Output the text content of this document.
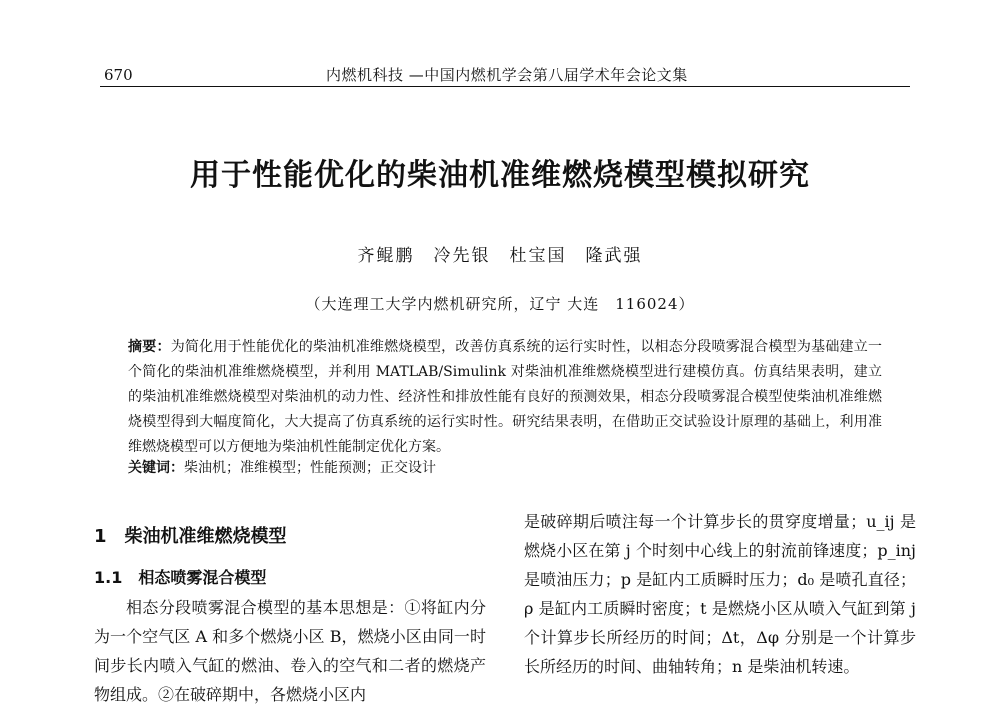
670	内燃机科技 —中国内燃机学会第八届学术年会论文集
用于性能优化的柴油机准维燃烧模型模拟研究
齐鲲鹏　冷先银　杜宝国　隆武强
（大连理工大学内燃机研究所，辽宁 大连　116024）
摘要：为简化用于性能优化的柴油机准维燃烧模型，改善仿真系统的运行实时性，以相态分段喷雾混合模型为基础建立一个简化的柴油机准维燃烧模型，并利用 MATLAB/Simulink 对柴油机准维燃烧模型进行建模仿真。仿真结果表明，建立的柴油机准维燃烧模型对柴油机的动力性、经济性和排放性能有良好的预测效果，相态分段喷雾混合模型使柴油机准维燃烧模型得到大幅度简化，大大提高了仿真系统的运行实时性。研究结果表明，在借助正交试验设计原理的基础上，利用准维燃烧模型可以方便地为柴油机性能制定优化方案。
关键词：柴油机；准维模型；性能预测；正交设计
1　柴油机准维燃烧模型
1.1　相态喷雾混合模型

相态分段喷雾混合模型的基本思想是：①将缸内分为一个空气区 A 和多个燃烧小区 B，燃烧小区由同一时间步长内喷入气缸的燃油、卷入的空气和二者的燃烧产物组成。②在破碎期中，各燃烧小区内

是破碎期后喷注每一个计算步长的贯穿度增量；u_ij 是燃烧小区在第 j 个时刻中心线上的射流前锋速度；p_inj 是喷油压力；p 是缸内工质瞬时压力；d₀ 是喷孔直径；ρ 是缸内工质瞬时密度；t 是燃烧小区从喷入气缸到第 j 个计算步长所经历的时间；Δt，Δφ 分别是一个计算步长所经历的时间、曲轴转角；n 是柴油机转速。
